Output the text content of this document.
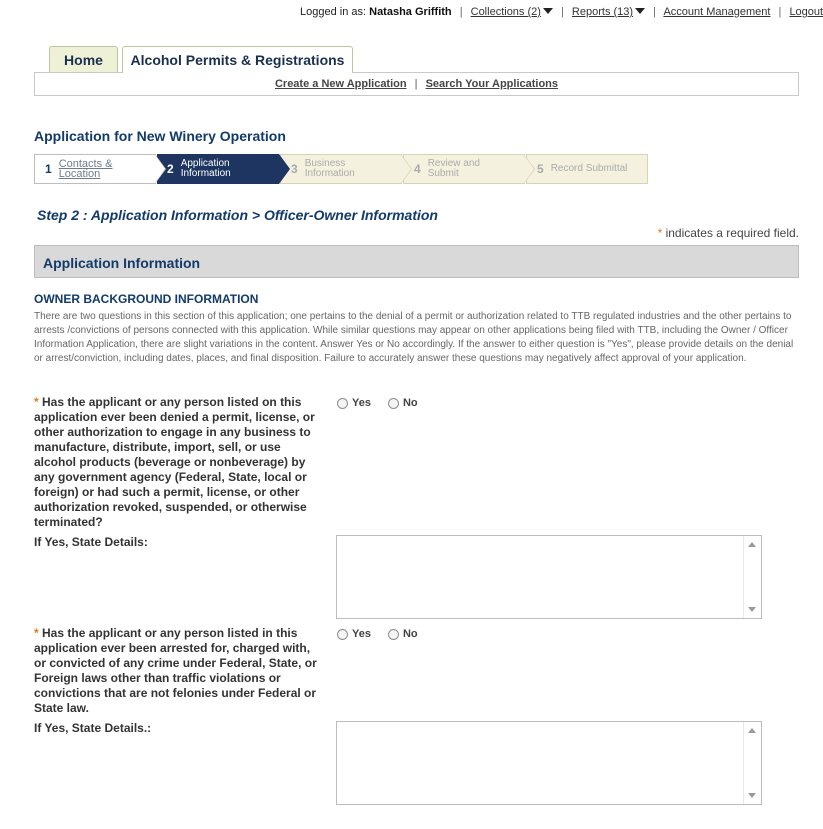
Logged in as: Natasha Griffith | Collections (2) | Reports (13) | Account Management | Logout
Home	Alcohol Permits & Registrations
Create a New Application | Search Your Applications
Application for New Winery Operation
1 Contacts &
Location	2 Application
Information	3 Business
Information	4 Review and
Submit	5 Record Submittal
Step 2 : Application Information > Officer-Owner Information
* indicates a required field.
Application Information
OWNER BACKGROUND INFORMATION
There are two questions in this section of this application; one pertains to the denial of a permit or authorization related to TTB regulated industries and the other pertains to arrests /convictions of persons connected with this application. While similar questions may appear on other applications being filed with TTB, including the Owner / Officer Information Application, there are slight variations in the content. Answer Yes or No accordingly. If the answer to either question is "Yes", please provide details on the denial or arrest/conviction, including dates, places, and final disposition. Failure to accurately answer these questions may negatively affect approval of your application.
* Has the applicant or any person listed on this application ever been denied a permit, license, or other authorization to engage in any business to manufacture, distribute, import, sell, or use alcohol products (beverage or nonbeverage) by any government agency (Federal, State, local or foreign) or had such a permit, license, or other authorization revoked, suspended, or otherwise terminated?
Yes	No
If Yes, State Details:
* Has the applicant or any person listed in this application ever been arrested for, charged with, or convicted of any crime under Federal, State, or Foreign laws other than traffic violations or convictions that are not felonies under Federal or State law.
Yes	No
If Yes, State Details.:
